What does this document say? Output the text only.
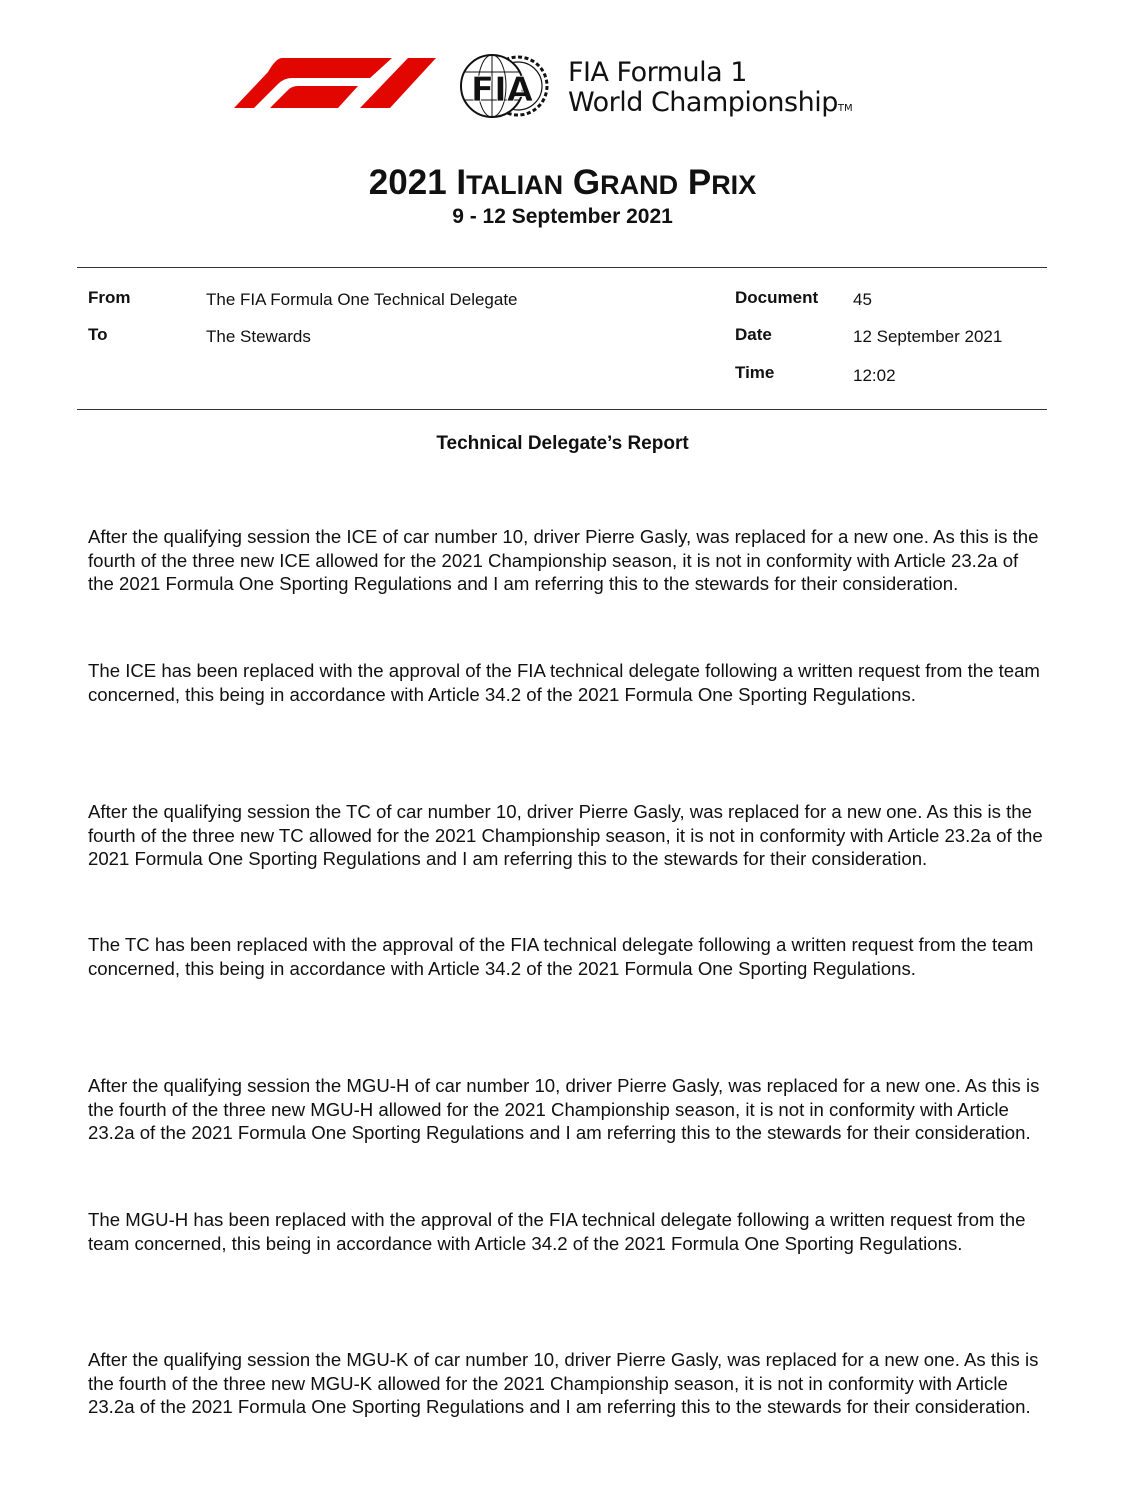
FIA FIA Formula 1
World ChampionshipTM
2021 ITALIAN GRAND PRIX
9 - 12 September 2021
From	The FIA Formula One Technical Delegate
To	The Stewards
Document 45
Date	12 September 2021
Time	12:02
Technical Delegate’s Report

After the qualifying session the ICE of car number 10, driver Pierre Gasly, was replaced for a new one. As this is the fourth of the three new ICE allowed for the 2021 Championship season, it is not in conformity with Article 23.2a of the 2021 Formula One Sporting Regulations and I am referring this to the stewards for their consideration.

The ICE has been replaced with the approval of the FIA technical delegate following a written request from the team concerned, this being in accordance with Article 34.2 of the 2021 Formula One Sporting Regulations.

After the qualifying session the TC of car number 10, driver Pierre Gasly, was replaced for a new one. As this is the fourth of the three new TC allowed for the 2021 Championship season, it is not in conformity with Article 23.2a of the 2021 Formula One Sporting Regulations and I am referring this to the stewards for their consideration.

The TC has been replaced with the approval of the FIA technical delegate following a written request from the team concerned, this being in accordance with Article 34.2 of the 2021 Formula One Sporting Regulations.

After the qualifying session the MGU-H of car number 10, driver Pierre Gasly, was replaced for a new one. As this is the fourth of the three new MGU-H allowed for the 2021 Championship season, it is not in conformity with Article 23.2a of the 2021 Formula One Sporting Regulations and I am referring this to the stewards for their consideration.

The MGU-H has been replaced with the approval of the FIA technical delegate following a written request from the team concerned, this being in accordance with Article 34.2 of the 2021 Formula One Sporting Regulations.

After the qualifying session the MGU-K of car number 10, driver Pierre Gasly, was replaced for a new one. As this is the fourth of the three new MGU-K allowed for the 2021 Championship season, it is not in conformity with Article 23.2a of the 2021 Formula One Sporting Regulations and I am referring this to the stewards for their consideration.
